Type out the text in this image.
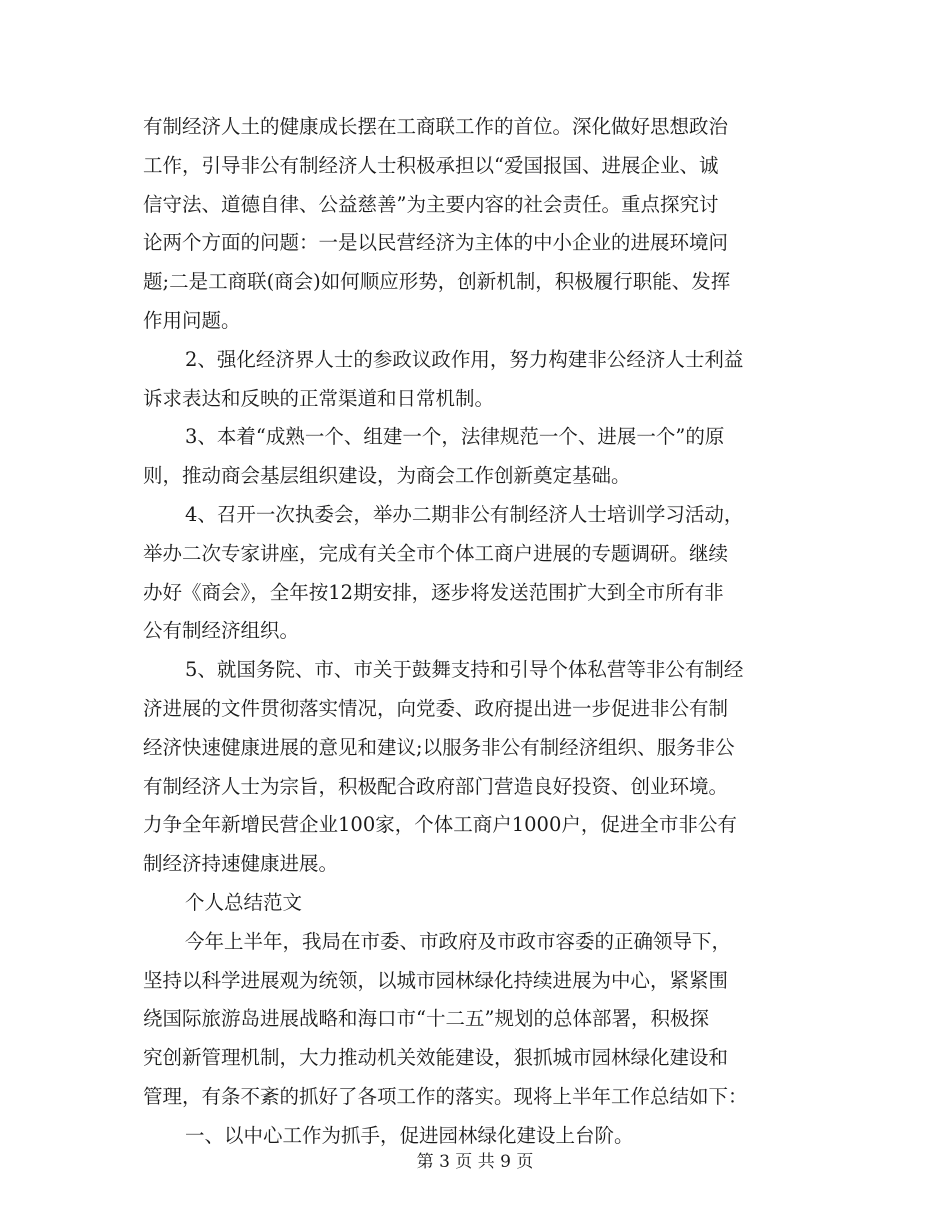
有制经济人土的健康成长摆在工商联工作的首位。深化做好思想政治
工作，引导非公有制经济人士积极承担以“爱国报国、进展企业、诚
信守法、道德自律、公益慈善”为主要内容的社会责任。重点探究讨
论两个方面的问题：一是以民营经济为主体的中小企业的进展环境问
题;二是工商联(商会)如何顺应形势，创新机制，积极履行职能、发挥
作用问题。
2、强化经济界人士的参政议政作用，努力构建非公经济人士利益
诉求表达和反映的正常渠道和日常机制。
3、本着“成熟一个、组建一个，法律规范一个、进展一个”的原
则，推动商会基层组织建设，为商会工作创新奠定基础。
4、召开一次执委会，举办二期非公有制经济人士培训学习活动，
举办二次专家讲座，完成有关全市个体工商户进展的专题调研。继续
办好《商会》，全年按12期安排，逐步将发送范围扩大到全市所有非
公有制经济组织。
5、就国务院、市、市关于鼓舞支持和引导个体私营等非公有制经
济进展的文件贯彻落实情况，向党委、政府提出进一步促进非公有制
经济快速健康进展的意见和建议;以服务非公有制经济组织、服务非公
有制经济人士为宗旨，积极配合政府部门营造良好投资、创业环境。
力争全年新增民营企业100家，个体工商户1000户，促进全市非公有
制经济持速健康进展。
个人总结范文
今年上半年，我局在市委、市政府及市政市容委的正确领导下，
坚持以科学进展观为统领，以城市园林绿化持续进展为中心，紧紧围
绕国际旅游岛进展战略和海口市“十二五”规划的总体部署，积极探
究创新管理机制，大力推动机关效能建设，狠抓城市园林绿化建设和
管理，有条不紊的抓好了各项工作的落实。现将上半年工作总结如下：
一、以中心工作为抓手，促进园林绿化建设上台阶。
第 3 页 共 9 页
